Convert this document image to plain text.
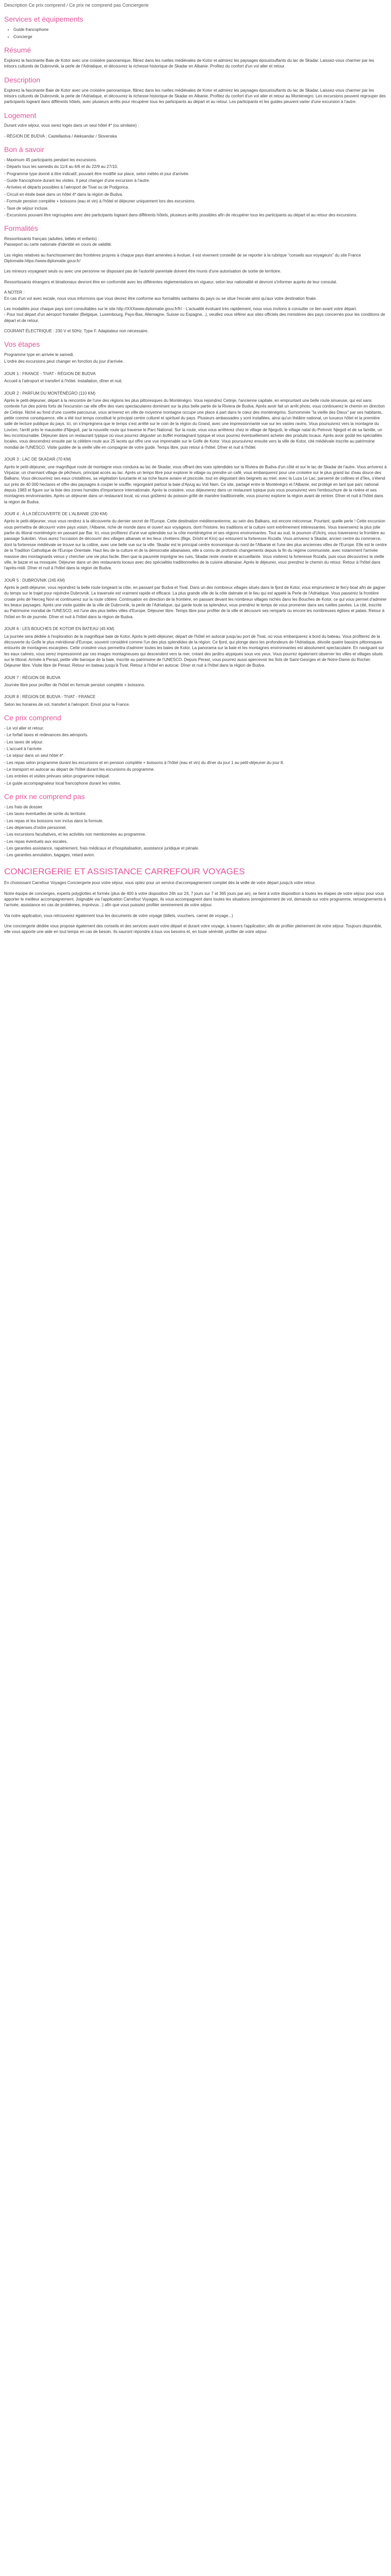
Description Ce prix comprend / Ce prix ne comprend pas Conciergerie
Services et équipements
• Guide francophone
• Concierge
Résumé

Explorez la fascinante Baie de Kotor avec une croisière panoramique, flânez dans les ruelles médiévales de Kotor et admirez les paysages époustouflants du lac de Skadar. Laissez-vous charmer par les trésors culturels de Dubrovnik, la perle de l'Adriatique, et découvrez la richesse historique de Skadar en Albanie. Profitez du confort d'un vol aller et retour.

Description

Explorez la fascinante Baie de Kotor avec une croisière panoramique, flânez dans les ruelles médiévales de Kotor et admirez les paysages époustouflants du lac de Skadar. Laissez-vous charmer par les trésors culturels de Dubrovnik, la perle de l'Adriatique, et découvrez la richesse historique de Skadar en Albanie. Profitez du confort d'un vol aller et retour au Montenegro. Les excursions peuvent regrouper des participants logeant dans différents hôtels, avec plusieurs arrêts pour récupérer tous les participants au départ et au retour. Les participants et les guides peuvent varier d'une excursion à l'autre.

Logement

Durant votre séjour, vous serez logés dans un seul hôtel 4* (ou similaire) :

- RÉGION DE BUDVA : Castellastva / Aleksandar / Slovenska

Bon à savoir

- Maximum 45 participants pendant les excursions.

- Départs tous les samedis du 11/4 au 6/6 et du 22/9 au 27/10.

- Programme type donné à titre indicatif, pouvant être modifié sur place, selon météo et jour d'arrivée.

- Guide francophone durant les visites. Il peut changer d'une excursion à l'autre.

- Arrivées et départs possibles à l'aéroport de Tivat ou de Podgorica.

- Circuit en étoile basé dans un hôtel 4* dans la région de Budva.

- Formule pension complète + boissons (eau et vin) à l'hôtel et déjeuner uniquement lors des excursions.

- Taxe de séjour incluse.

- Excursions pouvant être regroupées avec des participants logeant dans différents hôtels, plusieurs arrêts possibles afin de récupérer tous les participants au départ et au retour des excursions.

Formalités

Ressortissants français (adultes, bébés et enfants) :
Passeport ou carte nationale d'identité en cours de validité.

Les règles relatives au franchissement des frontières propres à chaque pays étant amenées à évoluer, il est vivement conseillé de se reporter à la rubrique "conseils aux voyageurs" du site France Diplomatie.https://www.diplomatie.gouv.fr/

Les mineurs voyageant seuls ou avec une personne ne disposant pas de l'autorité parentale doivent être munis d'une autorisation de sortie de territoire.

Ressortissants étrangers et binationaux devront être en conformité avec les différentes réglementations en vigueur, selon leur nationalité et devront s'informer auprès de leur consulat.

A NOTER :
En cas d'un vol avec escale, nous vous informons que vous devrez être conforme aux formalités sanitaires du pays ou se situe l'escale ainsi qu'aux votre destination finale.

Les modalités pour chaque pays sont consultables sur le site http://XXXwww.diplomatie.gouv.fr/fr/ - L'actualité évoluant très rapidement, nous vous invitons à consulter ce lien avant votre départ.
- Pour tout départ d'un aéroport frontalier (Belgique, Luxembourg, Pays-Bas, Allemagne, Suisse ou Espagne...), veuillez vous référer aux sites officiels des ministères des pays concernés pour les conditions de départ et de retour.

COURANT ÉLECTRIQUE : 230 V et 50Hz. Type F. Adaptateur non nécessaire.

Vos étapes

Programme type en arrivée le samedi.

L'ordre des excursions peut changer en fonction du jour d'arrivée.

JOUR 1 : FRANCE - TIVAT - RÉGION DE BUDVA

Accueil à l'aéroport et transfert à l'hôtel. Installation, dîner et nuit.

JOUR 2 : PARFUM DU MONTÉNÉGRO (110 KM)

Après le petit-déjeuner, départ à la rencontre de l'une des régions les plus pittoresques du Monténégro. Vous rejoindrez Cetinje, l'ancienne capitale, en empruntant une belle route sinueuse, qui est sans contexte l'un des points forts de l'excursion car elle offre des vues spectaculaires dominant sur la plus belle partie de la Riviera de Budva. Après avoir fait un arrêt photo, vous continuerez le chemin en direction de Cetinje. Niché au fond d'une cuvette parcourue, vous arriverez en ville de moyenne montagne occupe une place à part dans le cœur des monténégrins. Surnommée "la vieille des Dieux" par ses habitants, petite comme conséquence, elle a été tout temps constitué le principal centre culturel et spirituel du pays. Plusieurs ambassades y sont installées, ainsi qu'un théâtre national, un luxueux hôtel et la première salle de lecture publique du pays. Ici, on s'imprègnera que le temps s'est arrêté sur le coin de la région du Grand, avec une impressionnante vue sur les vastes ravins. Vous poursuivrez vers la montagne du Lovćen, l'arrêt près le mausolée d'Njegoš, par la nouvelle route qui traverse le Parc National. Sur la route, vous vous arrêterez chez le village de Njeguši, le village natal du Petrovic Njegoš et de sa famille, un lieu incontournable. Déjeuner dans un restaurant typique où vous pourrez déguster un buffet montagnard typique et vous pourrez éventuellement acheter des produits locaux. Après avoir goûté les spécialités locales, vous descendrez ensuite par la célèbre route aux 25 lacets qui offre une vue imprenable sur le Golfe de Kotor. Vous poursuivrez ensuite vers la ville de Kotor, cité médiévale inscrite au patrimoine mondial de l'UNESCO. Visite guidée de la vieille ville en compagnie de votre guide. Temps libre, puis retour à l'hôtel. Dîner et nuit à l'hôtel.

JOUR 3 : LAC DE SKADAR (70 KM)

Après le petit-déjeuner, une magnifique route de montagne vous conduira au lac de Skadar, vous offrant des vues splendides sur la Riviera de Budva d'un côté et sur le lac de Skadar de l'autre. Vous arriverez à Virpazar, un charmant village de pêcheurs, principal accès au lac. Après un temps libre pour explorer le village ou prendre un café, vous embarquerez pour une croisière sur le plus grand lac d'eau douce des Balkans. Vous découvrirez ses eaux cristallines, sa végétation luxuriante et sa riche faune aviaire et piscicole, tout en dégustant des beignets au miel, avec la Luza Le Lac, parsemé de collines et d'îles, s'étend sur près de 40 000 hectares et offre des paysages à couper le souffle, regorgeant partout la baie d'Ajvug au Voli Nam. Ce site, partagé entre le Monténégro et l'Albanie, est protégé en tant que parc national depuis 1983 et figure sur la liste des zones humides d'importance internationale. Après la croisière, vous déjeunerez dans un restaurant typique puis vous poursuivrez vers l'embouchure de la rivière et ses montagnes environnantes. Après un déjeuner dans un restaurant local, où vous goûterez du poisson grillé de manière traditionnelle, vous pourrez explorer la région avant de rentrer. Dîner et nuit à l'hôtel dans la région de Budva.

JOUR 4 : À LA DÉCOUVERTE DE L'ALBANIE (230 KM)

Après le petit-déjeuner, vous vous rendrez à la découverte du dernier secret de l'Europe. Cette destination méditerranéenne, au sein des Balkans, est encore méconnue. Pourtant, quelle perle ! Cette excursion vous permettra de découvrir votre pays voisin, l'Albanie, riche de monde dans et ouvert aux voyageurs, dont l'histoire, les traditions et la culture sont extrêmement intéressantes. Vous traverserez la plus jolie partie du littoral monténégrin en passant par Bar. Ici, vous profiterez d'une vue splendide sur la côte monténégrine et ses régions environnantes. Tout au sud, le poumon d'Ulcinj, vous traverserez la frontière au passage Sukobin. Vous aurez l'occasion de découvrir des villages albanais et les lieux chrétiens (Bige, Drisht et Kirs) qui entourent la forteresse Rozafa. Vous arriverez à Skadar, ancien centre du commerce, dont la forteresse médiévale se trouve sur la colline, avec une belle vue sur la ville. Skadar est le principal centre économique du nord de l'Albanie et l'une des plus anciennes villes de l'Europe. Elle est le centre de la Tradition Catholique de l'Europe Orientale. Haut lieu de la culture et de la démocratie albanaises, elle a connu de profonds changements depuis la fin du régime communiste, avec notamment l'arrivée massive des montagnards venus y chercher une vie plus facile. Bien que la pauvreté imprègne les rues, Skadar reste vivante et accueillante. Vous visiterez la forteresse Rozafa, puis vous découvrirez la vieille ville, le bazar et sa mosquée. Déjeuner dans un des restaurants locaux avec des spécialités traditionnelles de la cuisine albanaise. Après le déjeuner, vous prendrez le chemin du retour. Retour à l'hôtel dans l'après-midi. Dîner et nuit à l'hôtel dans la région de Budva.

JOUR 5 : DUBROVNIK (245 KM)

Après le petit-déjeuner, vous rejoindrez la belle route longeant la côte, en passant par Budva et Tivat. Dans un des nombreux villages situés dans le fjord de Kotor, vous emprunterez le ferry-boat afin de gagner du temps sur le trajet pour rejoindre Dubrovnik. La traversée est vraiment rapide et efficace. La plus grande ville de la côte dalmate et le lieu qui est appelé la Perle de l'Adriatique. Vous passerez la frontière croate près de Herceg Novi et continuerez sur la route côtière. Continuation en direction de la frontière, en passant devant les nombreux villages nichés dans les Bouches de Kotor, ce qui vous permet d'admirer les beaux paysages. Après une visite guidée de la ville de Dubrovnik, la perle de l'Adriatique, qui garde toute sa splendeur, vous prendrez le temps de vous promener dans ses ruelles pavées. La cité, inscrite au Patrimoine mondial de l'UNESCO, est l'une des plus belles villes d'Europe. Déjeuner libre. Temps libre pour profiter de la ville et découvrir ses remparts ou encore les nombreuses églises et palais. Retour à l'hôtel en fin de journée. Dîner et nuit à l'hôtel dans la région de Budva.

JOUR 6 : LES BOUCHES DE KOTOR EN BATEAU (45 KM)

La journée sera dédiée à l'exploration de la magnifique baie de Kotor. Après le petit-déjeuner, départ de l'hôtel en autocar jusqu'au port de Tivat, où vous embarquerez à bord du bateau. Vous profiterez de la découverte du Golfe le plus méridional d'Europe, souvent considéré comme l'un des plus splendides de la région. Ce fjord, qui plonge dans les profondeurs de l'Adriatique, dévoile quatre bassins pittoresques entourés de montagnes escarpées. Cette croisière vous permettra d'admirer toutes les baies de Kotor. La panorama sur la baie et les montagnes environnantes est absolument spectaculaire. En naviguant sur les eaux calmes, vous serez impressionné par ces images montagneuses qui descendent vers la mer, créant des jardins atypiques sous vos yeux. Vous pourrez également observer les villes et villages situés sur le littoral. Arrivée à Perast, petite ville baroque de la baie, inscrite au patrimoine de l'UNESCO. Depuis Perast, vous pourrez aussi apercevoir les îlots de Saint-Georges et de Notre-Dame du Rocher. Déjeuner libre. Visite libre de Perast. Retour en bateau jusqu'à Tivat. Retour à l'hôtel en autocar. Dîner et nuit à l'hôtel dans la région de Budva.

JOUR 7 : RÉGION DE BUDVA

Journée libre pour profiter de l'hôtel en formule pension complète + boissons.

JOUR 8 : RÉGION DE BUDVA - TIVAT - FRANCE

Selon les horaires de vol, transfert à l'aéroport. Envol pour la France.

Ce prix comprend

- Le vol aller et retour.

- Le forfait taxes et redevances des aéroports.

- Les taxes de séjour.

- L'accueil à l'arrivée.

- Le séjour dans un seul hôtel 4*.

- Les repas selon programme durant les excursions et en pension complète + boissons à l'hôtel (eau et vin) du dîner du jour 1 au petit-déjeuner du jour 8.

- Le transport en autocar au départ de l'hôtel durant les excursions du programme.

- Les entrées et visites prévues selon programme indiqué.

- Le guide accompagnateur local francophone durant les visites.

Ce prix ne comprend pas

- Les frais de dossier.

- Les taxes éventuelles de sortie du territoire.

- Les repas et les boissons non inclus dans la formule.

- Les dépenses d'ordre personnel.

- Les excursions facultatives, et les activités non mentionnées au programme.

- Les repas éventuels aux escales.

- Les garanties assistance, rapatriement, frais médicaux et d'hospitalisation, assistance juridique et pénale.

- Les garanties annulation, bagages, retard avion.

CONCIERGERIE ET ASSISTANCE CARREFOUR VOYAGES

En choisissant Carrefour Voyages Conciergerie pour votre séjour, vous optez pour un service d'accompagnement complet dès la veille de votre départ jusqu'à votre retour.

Notre équipe de concierges, experts polyglottes et formés (plus de 400 à votre disposition 24h sur 24, 7 jours sur 7 et 365 jours par an), se tient à votre disposition à toutes les étapes de votre séjour pour vous apporter le meilleur accompagnement. Joignable via l'application Carrefour Voyages, ils vous accompagnent dans toutes les situations (enregistrement de vol, demande sur votre programme, renseignements à l'arrivée, assistance en cas de problèmes, imprévus...) afin que vous puissiez profiter sereinement de votre séjour.

Via notre application, vous retrouverez également tous les documents de votre voyage (billets, vouchers, carnet de voyage...)

Une conciergerie dédiée vous propose également des conseils et des services avant votre départ et durant votre voyage, à travers l'application, afin de profiter pleinement de votre séjour. Toujours disponible, elle vous apporte une aide en tout temps en cas de besoin. Ils sauront répondre à tous vos besoins et, en toute sérénité, profiter de votre séjour.
